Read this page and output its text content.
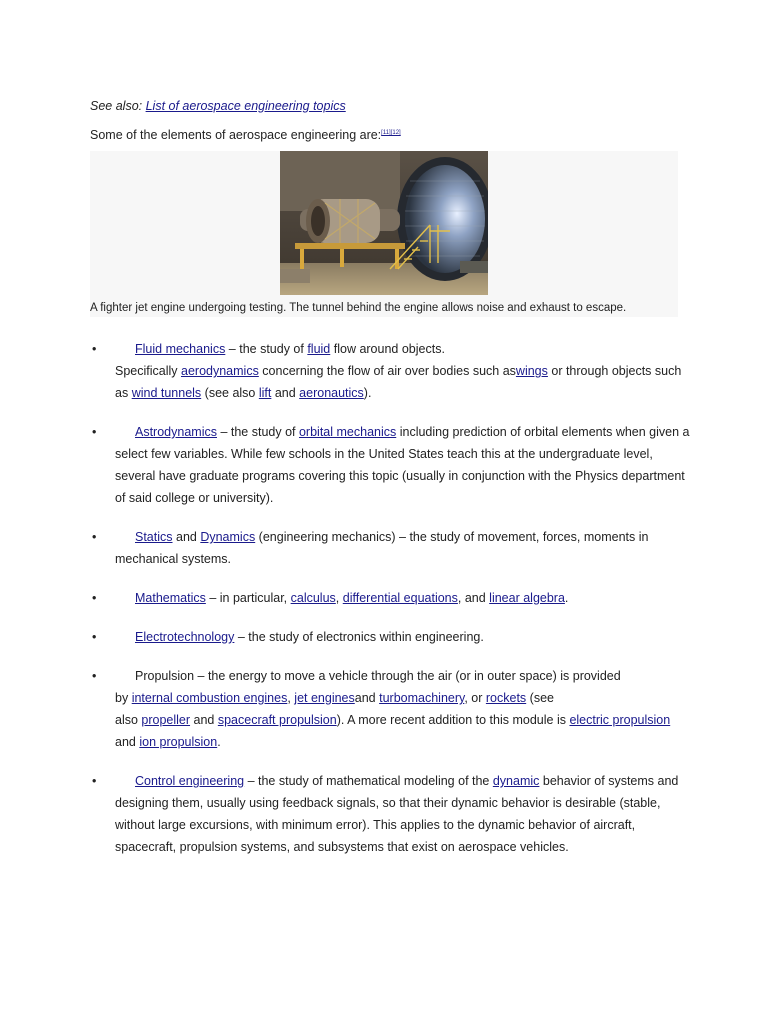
See also: List of aerospace engineering topics
Some of the elements of aerospace engineering are:[11][12]
A fighter jet engine undergoing testing. The tunnel behind the engine allows noise and exhaust to escape.
•	Fluid mechanics – the study of fluid flow around objects.
Specifically aerodynamics concerning the flow of air over bodies such aswings or through objects such as wind tunnels (see also lift and aeronautics).
•	Astrodynamics – the study of orbital mechanics including prediction of orbital elements when given a select few variables. While few schools in the United States teach this at the undergraduate level, several have graduate programs covering this topic (usually in conjunction with the Physics department of said college or university).
•	Statics and Dynamics (engineering mechanics) – the study of movement, forces, moments in mechanical systems.
•	Mathematics – in particular, calculus, differential equations, and linear algebra.
•	Electrotechnology – the study of electronics within engineering.
•	Propulsion – the energy to move a vehicle through the air (or in outer space) is provided
by internal combustion engines, jet enginesand turbomachinery, or rockets (see
also propeller and spacecraft propulsion). A more recent addition to this module is electric propulsion and ion propulsion.
•	Control engineering – the study of mathematical modeling of the dynamic behavior of systems and designing them, usually using feedback signals, so that their dynamic behavior is desirable (stable, without large excursions, with minimum error). This applies to the dynamic behavior of aircraft, spacecraft, propulsion systems, and subsystems that exist on aerospace vehicles.
